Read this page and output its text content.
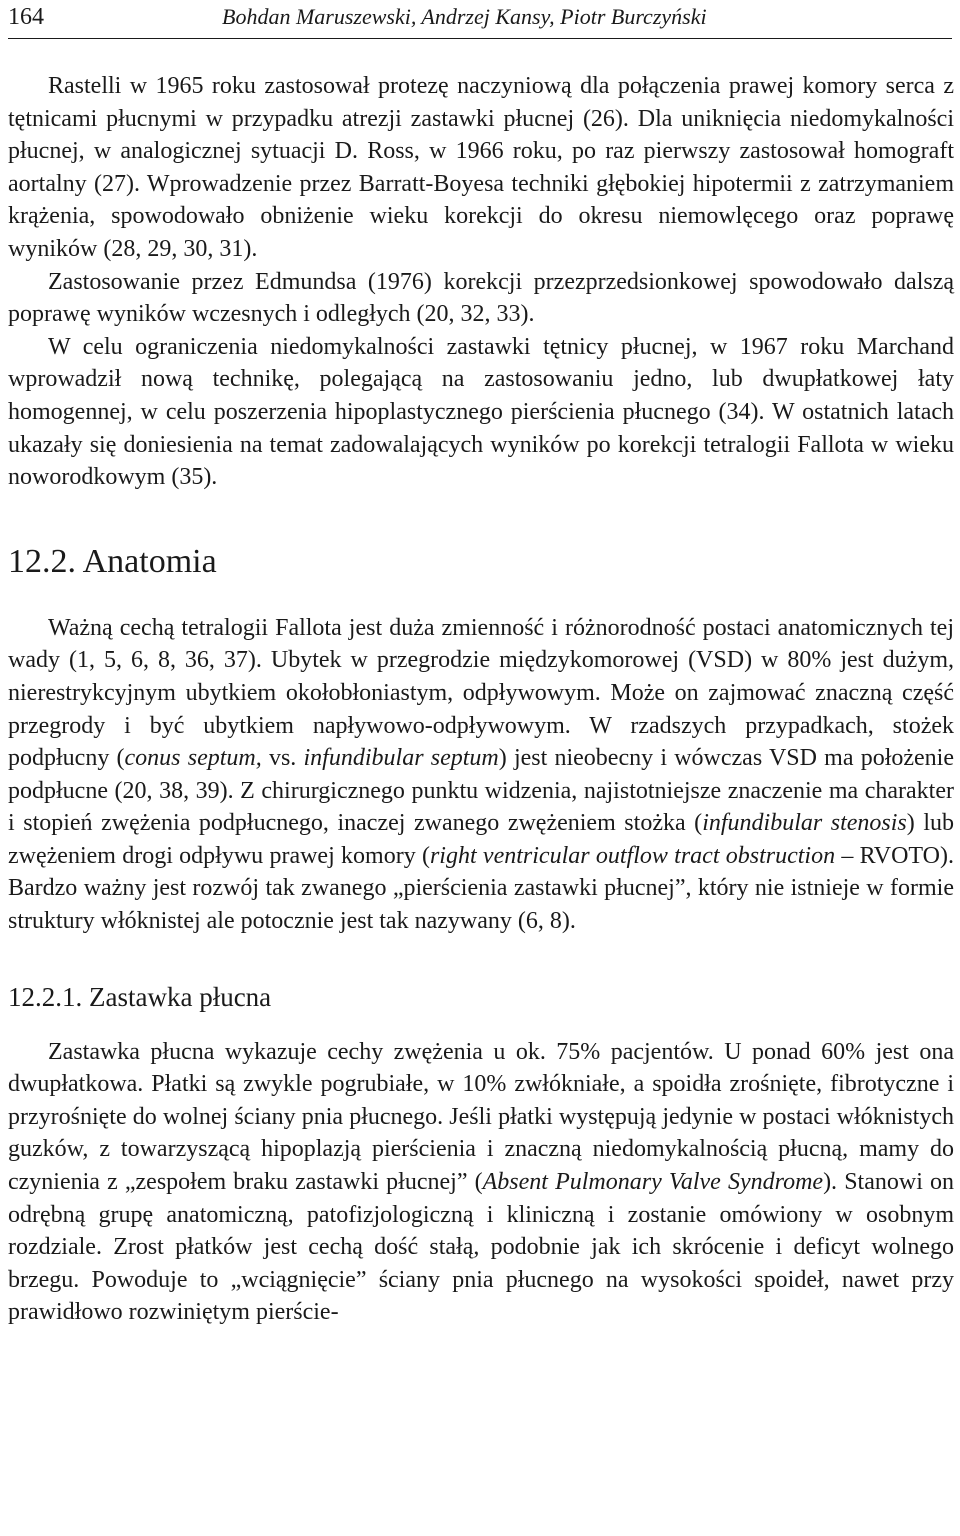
164	Bohdan Maruszewski, Andrzej Kansy, Piotr Burczyński

Rastelli w 1965 roku zastosował protezę naczyniową dla połączenia prawej komory serca z tętnicami płucnymi w przypadku atrezji zastawki płucnej (26). Dla uniknięcia niedomykalności płucnej, w analogicznej sytuacji D. Ross, w 1966 roku, po raz pierwszy zastosował homograft aortalny (27). Wprowadzenie przez Barratt-Boyesa techniki głębokiej hipotermii z zatrzymaniem krążenia, spowodowało obniżenie wieku korekcji do okresu niemowlęcego oraz poprawę wyników (28, 29, 30, 31).

Zastosowanie przez Edmundsa (1976) korekcji przezprzedsionkowej spowodowało dalszą poprawę wyników wczesnych i odległych (20, 32, 33).

W celu ograniczenia niedomykalności zastawki tętnicy płucnej, w 1967 roku Marchand wprowadził nową technikę, polegającą na zastosowaniu jedno, lub dwupłatkowej łaty homogennej, w celu poszerzenia hipoplastycznego pierścienia płucnego (34). W ostatnich latach ukazały się doniesienia na temat zadowalających wyników po korekcji tetralogii Fallota w wieku noworodkowym (35).

12.2. Anatomia

Ważną cechą tetralogii Fallota jest duża zmienność i różnorodność postaci anatomicznych tej wady (1, 5, 6, 8, 36, 37). Ubytek w przegrodzie międzykomorowej (VSD) w 80% jest dużym, nierestrykcyjnym ubytkiem okołobłoniastym, odpływowym. Może on zajmować znaczną część przegrody i być ubytkiem napływowo-odpływowym. W rzadszych przypadkach, stożek podpłucny (conus septum, vs. infundibular septum) jest nieobecny i wówczas VSD ma położenie podpłucne (20, 38, 39). Z chirurgicznego punktu widzenia, najistotniejsze znaczenie ma charakter i stopień zwężenia podpłucnego, inaczej zwanego zwężeniem stożka (infundibular stenosis) lub zwężeniem drogi odpływu prawej komory (right ventricular outflow tract obstruction – RVOTO). Bardzo ważny jest rozwój tak zwanego „pierścienia zastawki płucnej”, który nie istnieje w formie struktury włóknistej ale potocznie jest tak nazywany (6, 8).

12.2.1. Zastawka płucna

Zastawka płucna wykazuje cechy zwężenia u ok. 75% pacjentów. U ponad 60% jest ona dwupłatkowa. Płatki są zwykle pogrubiałe, w 10% zwłókniałe, a spoidła zrośnięte, fibrotyczne i przyrośnięte do wolnej ściany pnia płucnego. Jeśli płatki występują jedynie w postaci włóknistych guzków, z towarzyszącą hipoplazją pierścienia i znaczną niedomykalnością płucną, mamy do czynienia z „zespołem braku zastawki płucnej” (Absent Pulmonary Valve Syndrome). Stanowi on odrębną grupę anatomiczną, patofizjologiczną i kliniczną i zostanie omówiony w osobnym rozdziale. Zrost płatków jest cechą dość stałą, podobnie jak ich skrócenie i deficyt wolnego brzegu. Powoduje to „wciągnięcie” ściany pnia płucnego na wysokości spoideł, nawet przy prawidłowo rozwiniętym pierście-
